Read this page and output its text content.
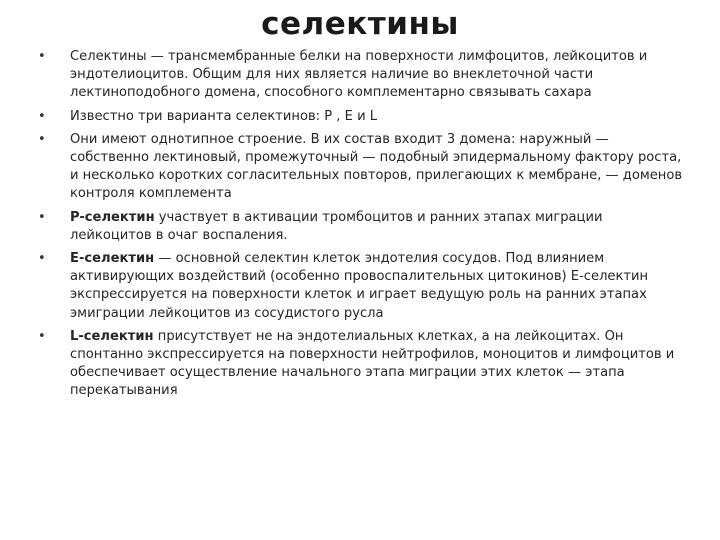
селектины
• Селектины — трансмембранные белки на поверхности лимфоцитов, лейкоцитов и эндотелиоцитов. Общим для них является наличие во внеклеточной части лектиноподобного домена, способного комплементарно связывать сахара
• Известно три варианта селектинов: P , E и L
• Они имеют однотипное строение. В их состав входит 3 домена: наружный — собственно лектиновый, промежуточный — подобный эпидермальному фактору роста, и несколько коротких согласительных повторов, прилегающих к мембране, — доменов контроля комплемента
• P-селектин участвует в активации тромбоцитов и ранних этапах миграции лейкоцитов в очаг воспаления.
• Е-селектин — основной селектин клеток эндотелия сосудов. Под влиянием активирующих воздействий (особенно провоспалительных цитокинов) Е-селектин экспрессируется на поверхности клеток и играет ведущую роль на ранних этапах эмиграции лейкоцитов из сосудистого русла
• L-селектин присутствует не на эндотелиальных клетках, а на лейкоцитах. Он спонтанно экспрессируется на поверхности нейтрофилов, моноцитов и лимфоцитов и обеспечивает осуществление начального этапа миграции этих клеток — этапа перекатывания
